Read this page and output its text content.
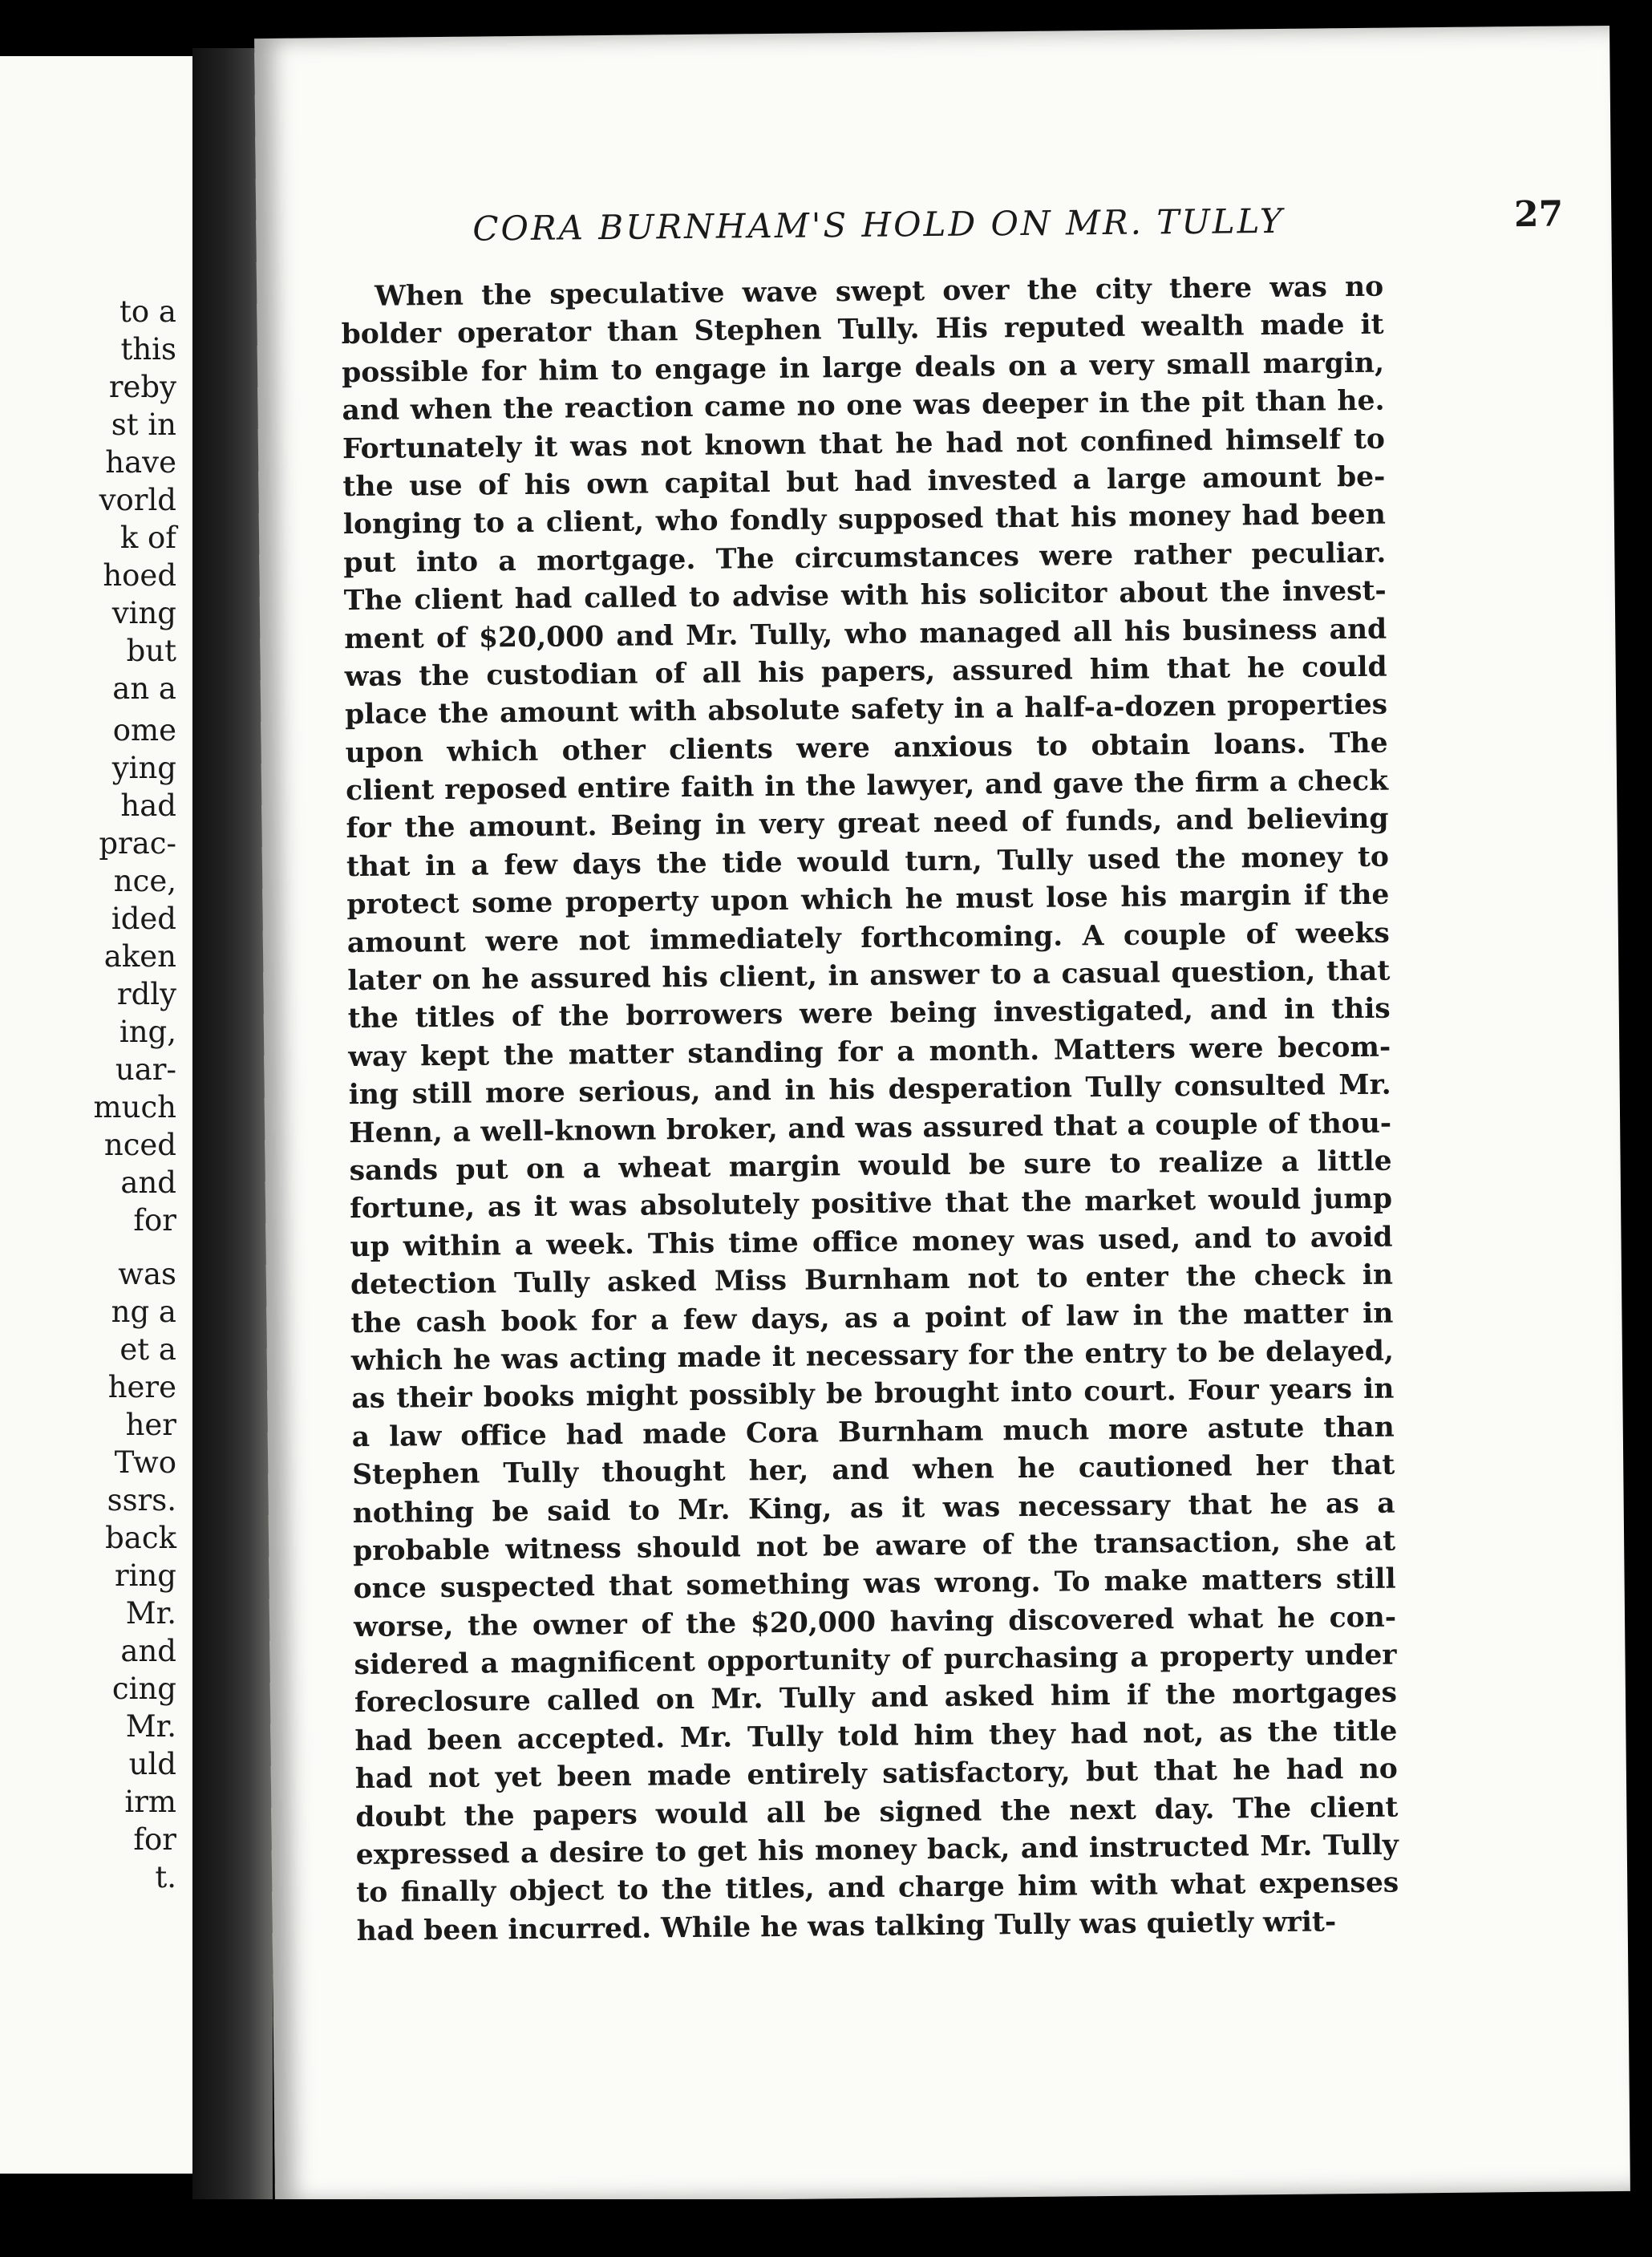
to a
this
reby
st in
have
vorld
k of
hoed
ving
but
an a
ome
ying
had
prac-
nce,
ided
aken
rdly
ing,
uar-
much
nced
and
for
was
ng a
et a
here
her
Two
ssrs.
back
ring
Mr.
and
cing
Mr.
uld
irm
for
t.
CORA BURNHAM'S HOLD ON MR. TULLY	27
When the speculative wave swept over the city there was no
bolder operator than Stephen Tully. His reputed wealth made it
possible for him to engage in large deals on a very small margin,
and when the reaction came no one was deeper in the pit than he.
Fortunately it was not known that he had not confined himself to
the use of his own capital but had invested a large amount be-
longing to a client, who fondly supposed that his money had been
put into a mortgage. The circumstances were rather peculiar.
The client had called to advise with his solicitor about the invest-
ment of $20,000 and Mr. Tully, who managed all his business and
was the custodian of all his papers, assured him that he could
place the amount with absolute safety in a half-a-dozen properties
upon which other clients were anxious to obtain loans. The
client reposed entire faith in the lawyer, and gave the firm a check
for the amount. Being in very great need of funds, and believing
that in a few days the tide would turn, Tully used the money to
protect some property upon which he must lose his margin if the
amount were not immediately forthcoming. A couple of weeks
later on he assured his client, in answer to a casual question, that
the titles of the borrowers were being investigated, and in this
way kept the matter standing for a month. Matters were becom-
ing still more serious, and in his desperation Tully consulted Mr.
Henn, a well-known broker, and was assured that a couple of thou-
sands put on a wheat margin would be sure to realize a little
fortune, as it was absolutely positive that the market would jump
up within a week. This time office money was used, and to avoid
detection Tully asked Miss Burnham not to enter the check in
the cash book for a few days, as a point of law in the matter in
which he was acting made it necessary for the entry to be delayed,
as their books might possibly be brought into court. Four years in
a law office had made Cora Burnham much more astute than
Stephen Tully thought her, and when he cautioned her that
nothing be said to Mr. King, as it was necessary that he as a
probable witness should not be aware of the transaction, she at
once suspected that something was wrong. To make matters still
worse, the owner of the $20,000 having discovered what he con-
sidered a magnificent opportunity of purchasing a property under
foreclosure called on Mr. Tully and asked him if the mortgages
had been accepted. Mr. Tully told him they had not, as the title
had not yet been made entirely satisfactory, but that he had no
doubt the papers would all be signed the next day. The client
expressed a desire to get his money back, and instructed Mr. Tully
to finally object to the titles, and charge him with what expenses
had been incurred. While he was talking Tully was quietly writ-
